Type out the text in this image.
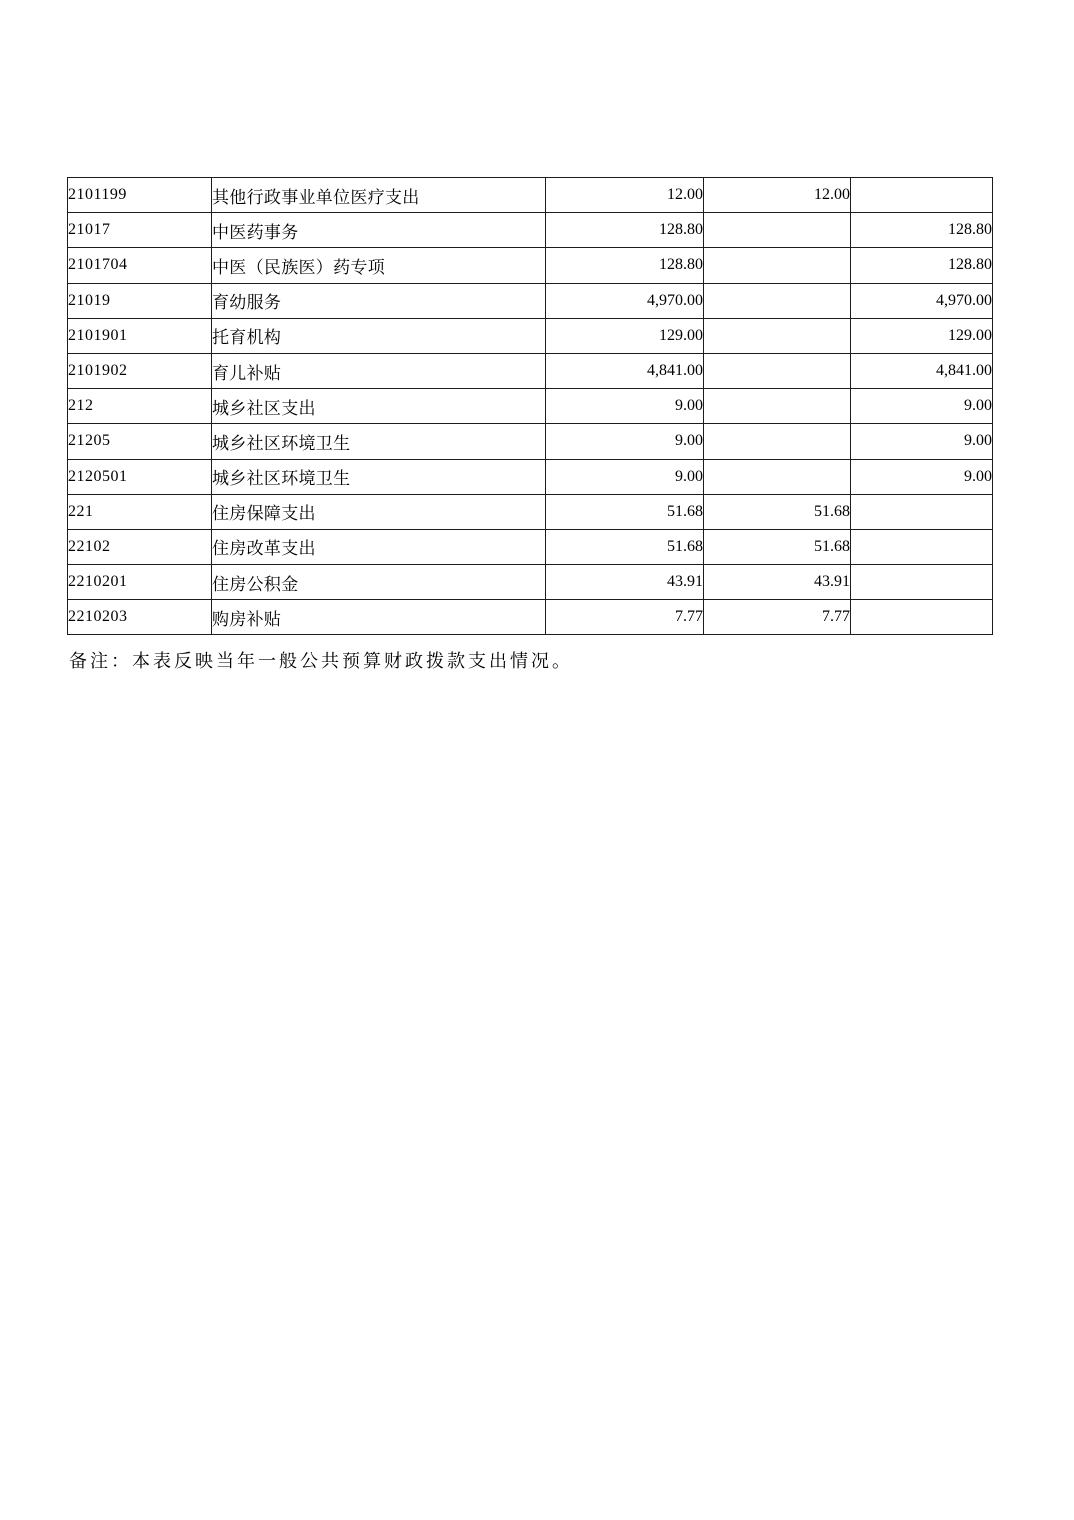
2101199	其他行政事业单位医疗支出	12.00	12.00	
21017	中医药事务	128.80		128.80
2101704	中医（民族医）药专项	128.80		128.80
21019	育幼服务	4,970.00		4,970.00
2101901	托育机构	129.00		129.00
2101902	育儿补贴	4,841.00		4,841.00
212	城乡社区支出	9.00		9.00
21205	城乡社区环境卫生	9.00		9.00
2120501	城乡社区环境卫生	9.00		9.00
221	住房保障支出	51.68	51.68	
22102	住房改革支出	51.68	51.68	
2210201	住房公积金	43.91	43.91	
2210203	购房补贴	7.77	7.77	
备注：本表反映当年一般公共预算财政拨款支出情况。
